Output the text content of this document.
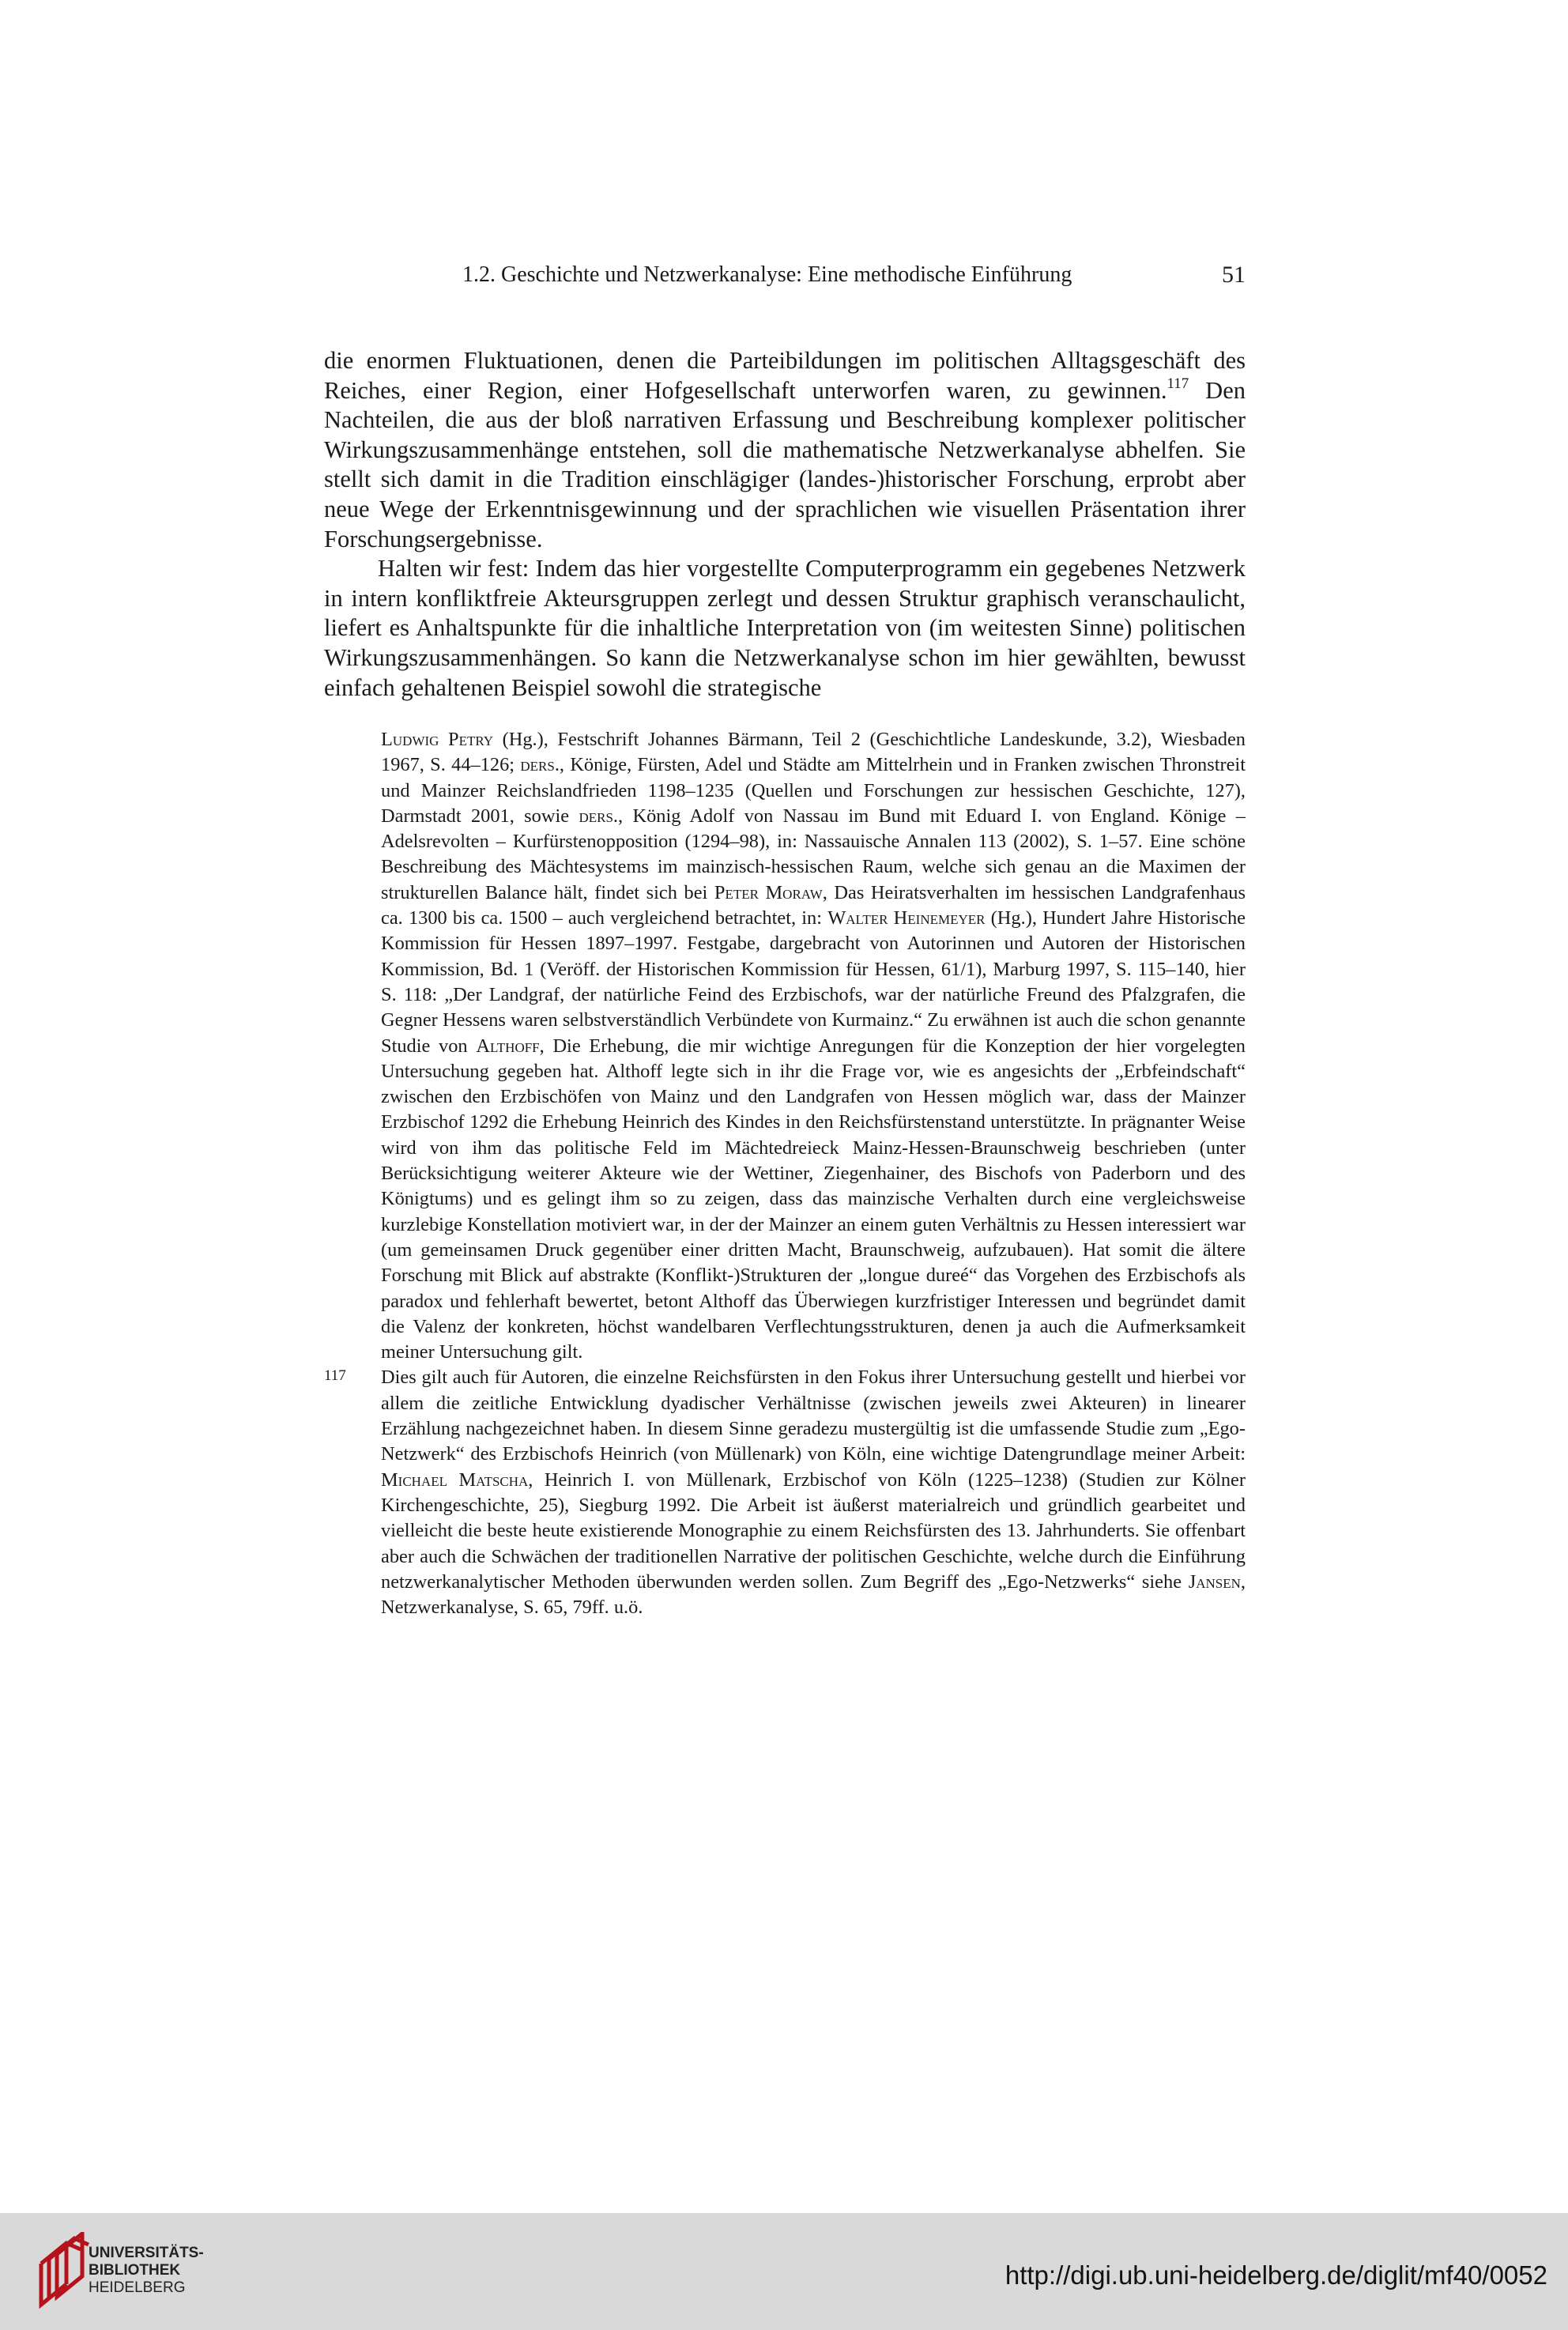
1.2. Geschichte und Netzwerkanalyse: Eine methodische Einführung	51

die enormen Fluktuationen, denen die Parteibildungen im politischen Alltagsgeschäft des Reiches, einer Region, einer Hofgesellschaft unterworfen waren, zu gewinnen.$^{117}$ Den Nachteilen, die aus der bloß narrativen Erfassung und Beschreibung komplexer politischer Wirkungszusammenhänge entstehen, soll die mathematische Netzwerkanalyse abhelfen. Sie stellt sich damit in die Tradition einschlägiger (landes-)historischer Forschung, erprobt aber neue Wege der Erkenntnisgewinnung und der sprachlichen wie visuellen Präsentation ihrer Forschungsergebnisse.

Halten wir fest: Indem das hier vorgestellte Computerprogramm ein gegebenes Netzwerk in intern konfliktfreie Akteursgruppen zerlegt und dessen Struktur graphisch veranschaulicht, liefert es Anhaltspunkte für die inhaltliche Interpretation von (im weitesten Sinne) politischen Wirkungszusammenhängen. So kann die Netzwerkanalyse schon im hier gewählten, bewusst einfach gehaltenen Beispiel sowohl die strategische

Ludwig Petry (Hg.), Festschrift Johannes Bärmann, Teil 2 (Geschichtliche Landeskunde, 3.2), Wiesbaden 1967, S. 44–126; ders., Könige, Fürsten, Adel und Städte am Mittelrhein und in Franken zwischen Thronstreit und Mainzer Reichslandfrieden 1198–1235 (Quellen und Forschungen zur hessischen Geschichte, 127), Darmstadt 2001, sowie ders., König Adolf von Nassau im Bund mit Eduard I. von England. Könige – Adelsrevolten – Kurfürstenopposition (1294–98), in: Nassauische Annalen 113 (2002), S. 1–57. Eine schöne Beschreibung des Mächtesystems im mainzisch-hessischen Raum, welche sich genau an die Maximen der strukturellen Balance hält, findet sich bei Peter Moraw, Das Heiratsverhalten im hessischen Landgrafenhaus ca. 1300 bis ca. 1500 – auch vergleichend betrachtet, in: Walter Heinemeyer (Hg.), Hundert Jahre Historische Kommission für Hessen 1897–1997. Festgabe, dargebracht von Autorinnen und Autoren der Historischen Kommission, Bd. 1 (Veröff. der Historischen Kommission für Hessen, 61/1), Marburg 1997, S. 115–140, hier S. 118: „Der Landgraf, der natürliche Feind des Erzbischofs, war der natürliche Freund des Pfalzgrafen, die Gegner Hessens waren selbstverständlich Verbündete von Kurmainz.“ Zu erwähnen ist auch die schon genannte Studie von Althoff, Die Erhebung, die mir wichtige Anregungen für die Konzeption der hier vorgelegten Untersuchung gegeben hat. Althoff legte sich in ihr die Frage vor, wie es angesichts der „Erbfeindschaft“ zwischen den Erzbischöfen von Mainz und den Landgrafen von Hessen möglich war, dass der Mainzer Erzbischof 1292 die Erhebung Heinrich des Kindes in den Reichsfürstenstand unterstützte. In prägnanter Weise wird von ihm das politische Feld im Mächtedreieck Mainz-Hessen-Braunschweig beschrieben (unter Berücksichtigung weiterer Akteure wie der Wettiner, Ziegenhainer, des Bischofs von Paderborn und des Königtums) und es gelingt ihm so zu zeigen, dass das mainzische Verhalten durch eine vergleichsweise kurzlebige Konstellation motiviert war, in der der Mainzer an einem guten Verhältnis zu Hessen interessiert war (um gemeinsamen Druck gegenüber einer dritten Macht, Braunschweig, aufzubauen). Hat somit die ältere Forschung mit Blick auf abstrakte (Konflikt-)Strukturen der „longue dureé“ das Vorgehen des Erzbischofs als paradox und fehlerhaft bewertet, betont Althoff das Überwiegen kurzfristiger Interessen und begründet damit die Valenz der konkreten, höchst wandelbaren Verflechtungsstrukturen, denen ja auch die Aufmerksamkeit meiner Untersuchung gilt.
117 Dies gilt auch für Autoren, die einzelne Reichsfürsten in den Fokus ihrer Untersuchung gestellt und hierbei vor allem die zeitliche Entwicklung dyadischer Verhältnisse (zwischen jeweils zwei Akteuren) in linearer Erzählung nachgezeichnet haben. In diesem Sinne geradezu mustergültig ist die umfassende Studie zum „Ego-Netzwerk“ des Erzbischofs Heinrich (von Müllenark) von Köln, eine wichtige Datengrundlage meiner Arbeit: Michael Matscha, Heinrich I. von Müllenark, Erzbischof von Köln (1225–1238) (Studien zur Kölner Kirchengeschichte, 25), Siegburg 1992. Die Arbeit ist äußerst materialreich und gründlich gearbeitet und vielleicht die beste heute existierende Monographie zu einem Reichsfürsten des 13. Jahrhunderts. Sie offenbart aber auch die Schwächen der traditionellen Narrative der politischen Geschichte, welche durch die Einführung netzwerkanalytischer Methoden überwunden werden sollen. Zum Begriff des „Ego-Netzwerks“ siehe Jansen, Netzwerkanalyse, S. 65, 79ff. u.ö.
UNIVERSITÄTS-
BIBLIOTHEK
HEIDELBERG	http://digi.ub.uni-heidelberg.de/diglit/mf40/0052
